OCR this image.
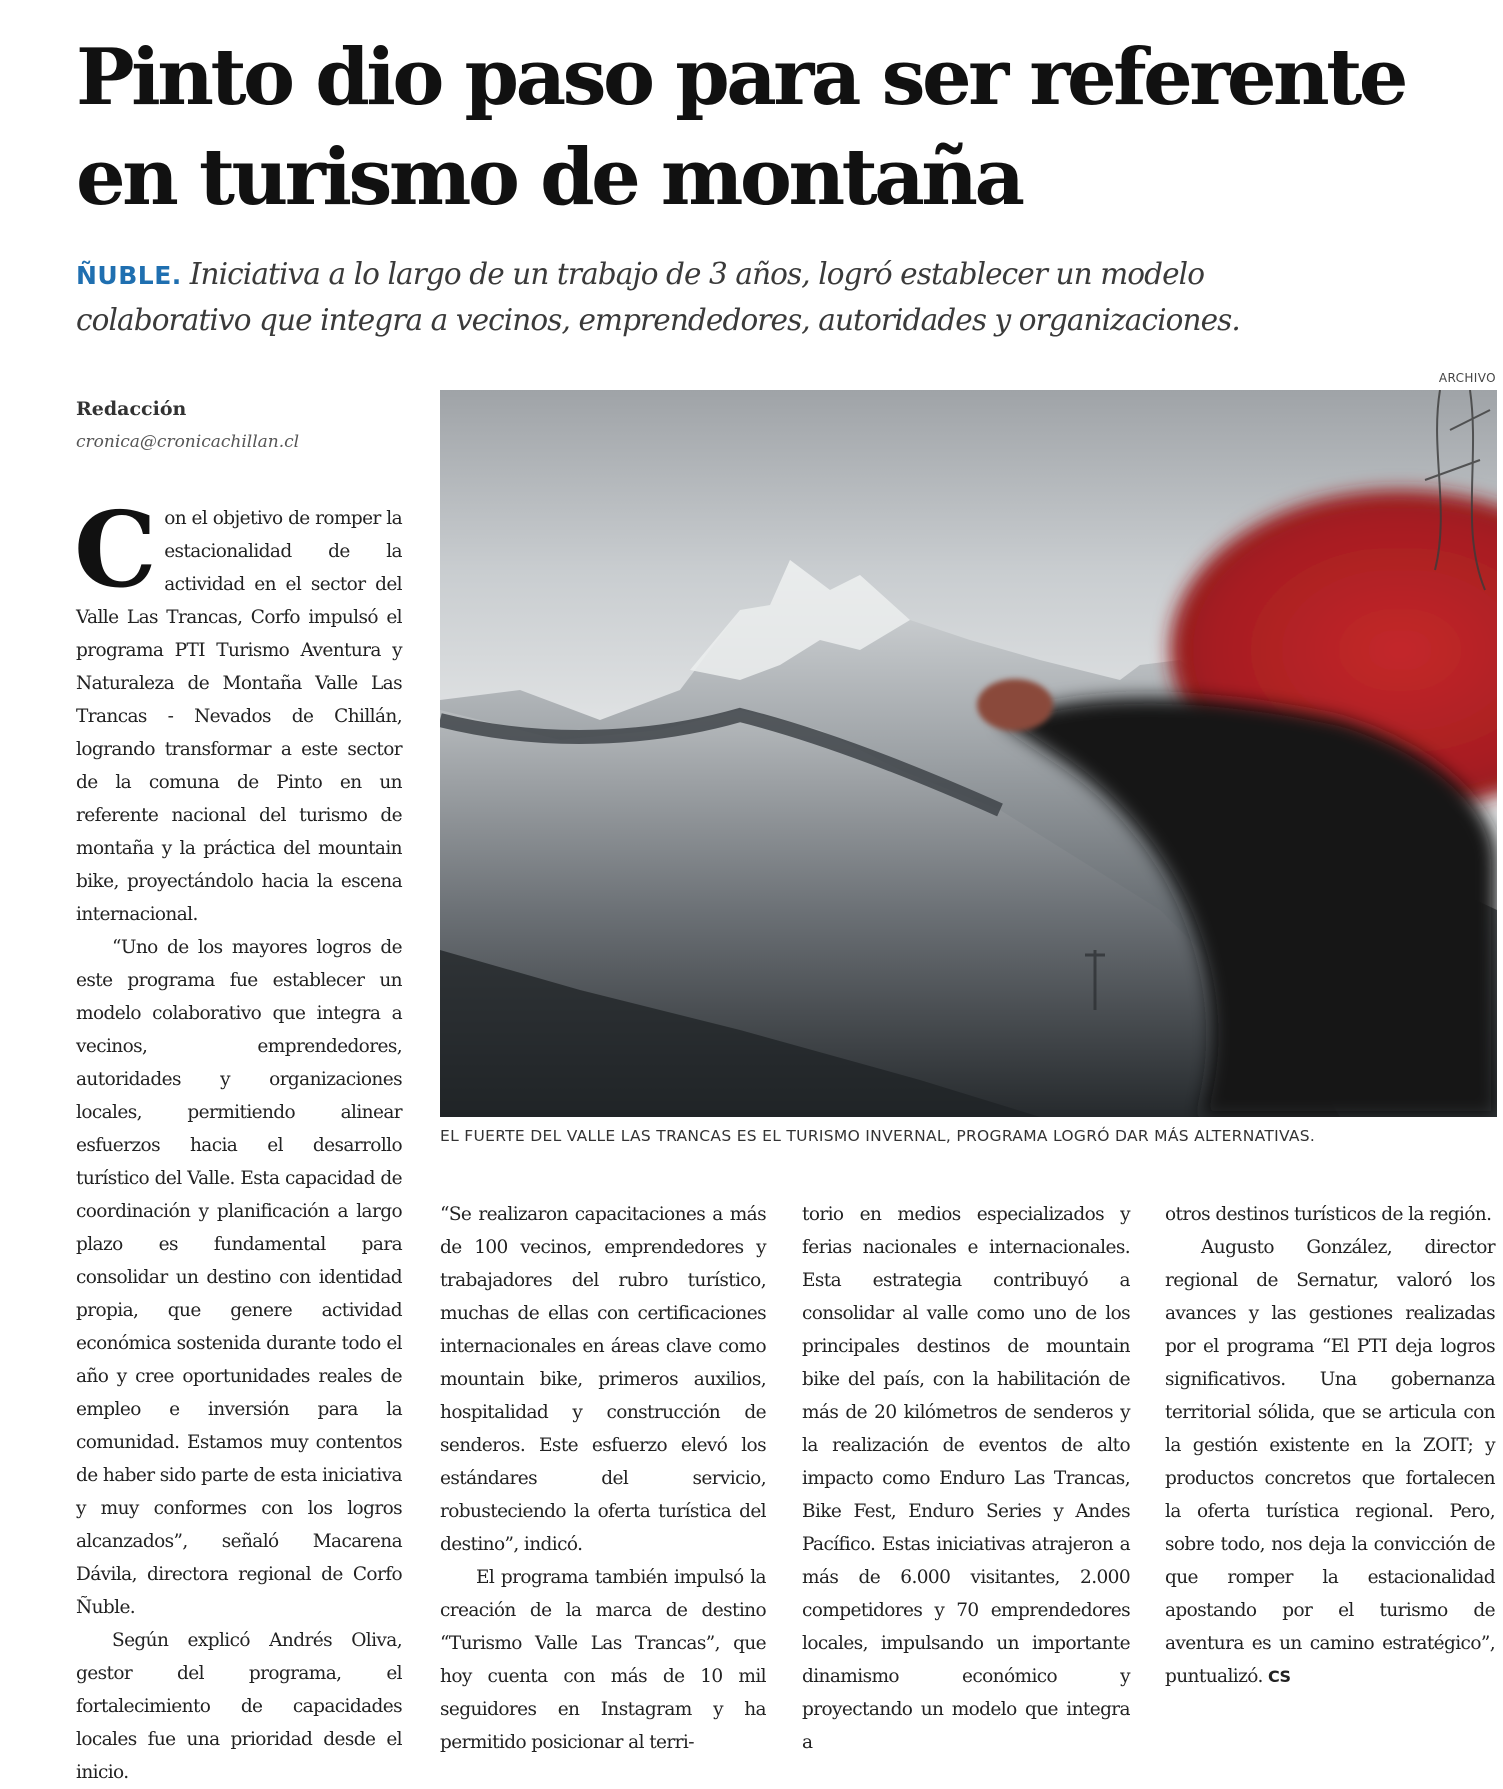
Pinto dio paso para ser referente
en turismo de montaña
ÑUBLE. Iniciativa a lo largo de un trabajo de 3 años, logró establecer un modelo
colaborativo que integra a vecinos, emprendedores, autoridades y organizaciones.
ARCHIVO
Redacción
cronica@cronicachillan.cl
EL FUERTE DEL VALLE LAS TRANCAS ES EL TURISMO INVERNAL, PROGRAMA LOGRÓ DAR MÁS ALTERNATIVAS.

Con el objetivo de romper la estacionalidad de la actividad en el sector del Valle Las Trancas, Corfo impulsó el programa PTI Turismo Aventura y Naturaleza de Montaña Valle Las Trancas - Nevados de Chillán, logrando transformar a este sector de la comuna de Pinto en un referente nacional del turismo de montaña y la práctica del mountain bike, proyectándolo hacia la escena internacional.

“Uno de los mayores logros de este programa fue establecer un modelo colaborativo que integra a vecinos, emprendedores, autoridades y organizaciones locales, permitiendo alinear esfuerzos hacia el desarrollo turístico del Valle. Esta capacidad de coordinación y planificación a largo plazo es fundamental para consolidar un destino con identidad propia, que genere actividad económica sostenida durante todo el año y cree oportunidades reales de empleo e inversión para la comunidad. Estamos muy contentos de haber sido parte de esta iniciativa y muy conformes con los logros alcanzados”, señaló Macarena Dávila, directora regional de Corfo Ñuble.

Según explicó Andrés Oliva, gestor del programa, el fortalecimiento de capacidades locales fue una prioridad desde el inicio.

“Se realizaron capacitaciones a más de 100 vecinos, emprendedores y trabajadores del rubro turístico, muchas de ellas con certificaciones internacionales en áreas clave como mountain bike, primeros auxilios, hospitalidad y construcción de senderos. Este esfuerzo elevó los estándares del servicio, robusteciendo la oferta turística del destino”, indicó.

El programa también impulsó la creación de la marca de destino “Turismo Valle Las Trancas”, que hoy cuenta con más de 10 mil seguidores en Instagram y ha permitido posicionar al terri-

torio en medios especializados y ferias nacionales e internacionales. Esta estrategia contribuyó a consolidar al valle como uno de los principales destinos de mountain bike del país, con la habilitación de más de 20 kilómetros de senderos y la realización de eventos de alto impacto como Enduro Las Trancas, Bike Fest, Enduro Series y Andes Pacífico. Estas iniciativas atrajeron a más de 6.000 visitantes, 2.000 competidores y 70 emprendedores locales, impulsando un importante dinamismo económico y proyectando un modelo que integra a

otros destinos turísticos de la región.

Augusto González, director regional de Sernatur, valoró los avances y las gestiones realizadas por el programa “El PTI deja logros significativos. Una gobernanza territorial sólida, que se articula con la gestión existente en la ZOIT; y productos concretos que fortalecen la oferta turística regional. Pero, sobre todo, nos deja la convicción de que romper la estacionalidad apostando por el turismo de aventura es un camino estratégico”, puntualizó. CS
